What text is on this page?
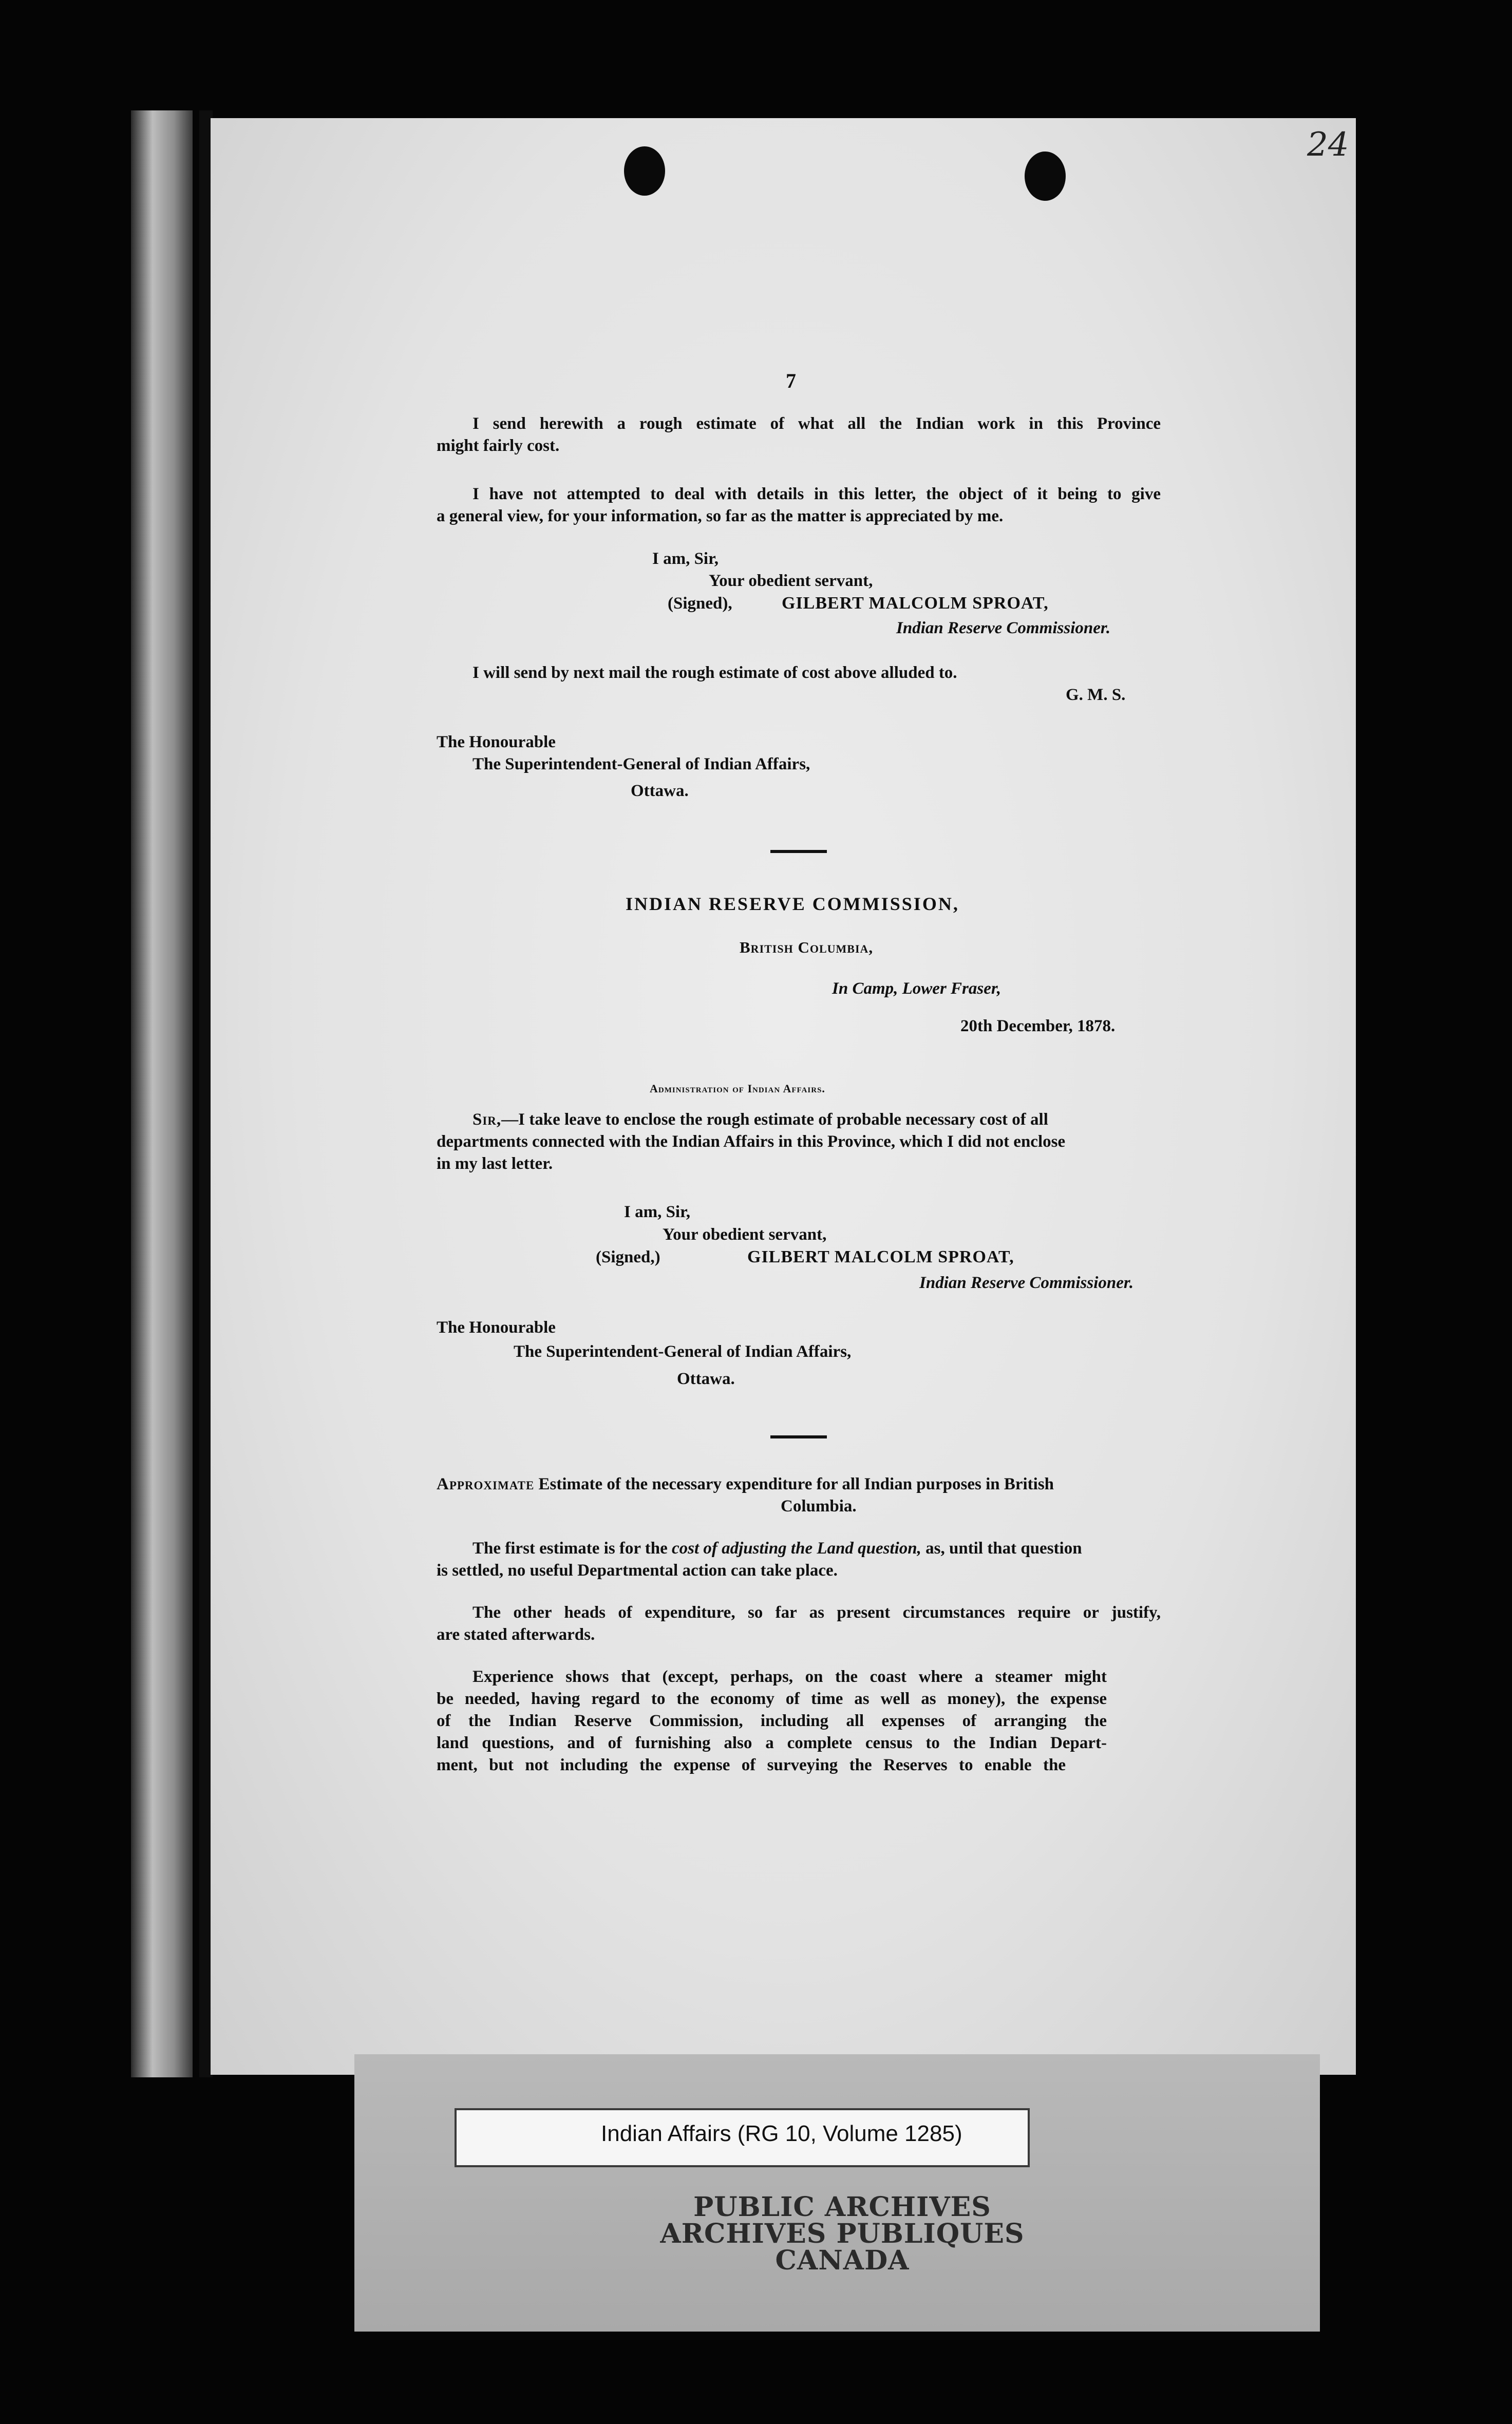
24

7

I send herewith a rough estimate of what all the Indian work in this Province

might fairly cost.

I have not attempted to deal with details in this letter, the object of it being to give

a general view, for your information, so far as the matter is appreciated by me.

I am, Sir,

Your obedient servant,

(Signed),	GILBERT MALCOLM SPROAT,

Indian Reserve Commissioner.

I will send by next mail the rough estimate of cost above alluded to.

G. M. S.

The Honourable

The Superintendent-General of Indian Affairs,

Ottawa.

INDIAN RESERVE COMMISSION,

British Columbia,

In Camp, Lower Fraser,

20th December, 1878.

Administration of Indian Affairs.

Sir,—I take leave to enclose the rough estimate of probable necessary cost of all

departments connected with the Indian Affairs in this Province, which I did not enclose

in my last letter.

I am, Sir,

Your obedient servant,

(Signed,)	GILBERT MALCOLM SPROAT,

Indian Reserve Commissioner.

The Honourable

The Superintendent-General of Indian Affairs,

Ottawa.

Approximate Estimate of the necessary expenditure for all Indian purposes in British

Columbia.

The first estimate is for the cost of adjusting the Land question, as, until that question

is settled, no useful Departmental action can take place.

The other heads of expenditure, so far as present circumstances require or justify,

are stated afterwards.

Experience shows that (except, perhaps, on the coast where a steamer might

be needed, having regard to the economy of time as well as money), the expense

of the Indian Reserve Commission, including all expenses of arranging the

land questions, and of furnishing also a complete census to the Indian Depart-

ment, but not including the expense of surveying the Reserves to enable the

Indian Affairs (RG 10, Volume 1285)

PUBLIC ARCHIVES

ARCHIVES PUBLIQUES

CANADA
